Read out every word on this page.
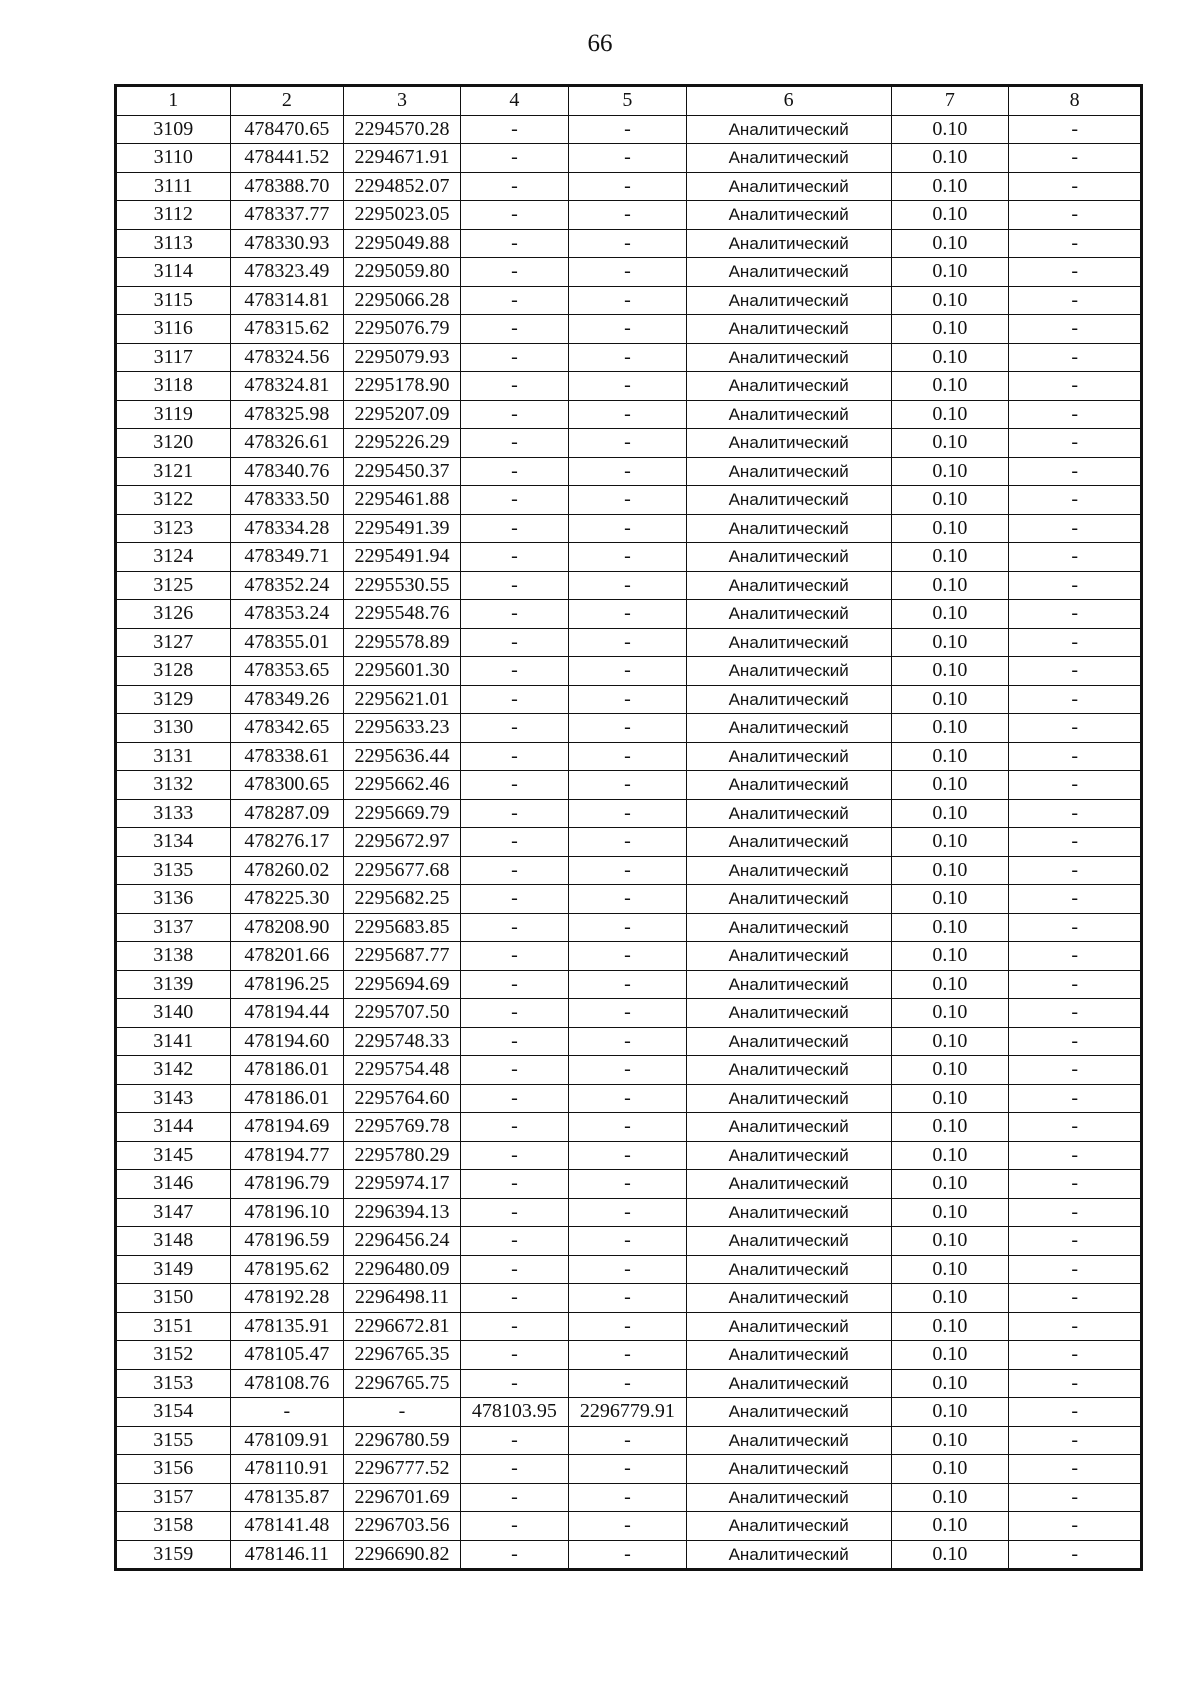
66
1	2	3	4	5	6	7	8
3109	478470.65	2294570.28	-	-	Аналитический	0.10	-
3110	478441.52	2294671.91	-	-	Аналитический	0.10	-
3111	478388.70	2294852.07	-	-	Аналитический	0.10	-
3112	478337.77	2295023.05	-	-	Аналитический	0.10	-
3113	478330.93	2295049.88	-	-	Аналитический	0.10	-
3114	478323.49	2295059.80	-	-	Аналитический	0.10	-
3115	478314.81	2295066.28	-	-	Аналитический	0.10	-
3116	478315.62	2295076.79	-	-	Аналитический	0.10	-
3117	478324.56	2295079.93	-	-	Аналитический	0.10	-
3118	478324.81	2295178.90	-	-	Аналитический	0.10	-
3119	478325.98	2295207.09	-	-	Аналитический	0.10	-
3120	478326.61	2295226.29	-	-	Аналитический	0.10	-
3121	478340.76	2295450.37	-	-	Аналитический	0.10	-
3122	478333.50	2295461.88	-	-	Аналитический	0.10	-
3123	478334.28	2295491.39	-	-	Аналитический	0.10	-
3124	478349.71	2295491.94	-	-	Аналитический	0.10	-
3125	478352.24	2295530.55	-	-	Аналитический	0.10	-
3126	478353.24	2295548.76	-	-	Аналитический	0.10	-
3127	478355.01	2295578.89	-	-	Аналитический	0.10	-
3128	478353.65	2295601.30	-	-	Аналитический	0.10	-
3129	478349.26	2295621.01	-	-	Аналитический	0.10	-
3130	478342.65	2295633.23	-	-	Аналитический	0.10	-
3131	478338.61	2295636.44	-	-	Аналитический	0.10	-
3132	478300.65	2295662.46	-	-	Аналитический	0.10	-
3133	478287.09	2295669.79	-	-	Аналитический	0.10	-
3134	478276.17	2295672.97	-	-	Аналитический	0.10	-
3135	478260.02	2295677.68	-	-	Аналитический	0.10	-
3136	478225.30	2295682.25	-	-	Аналитический	0.10	-
3137	478208.90	2295683.85	-	-	Аналитический	0.10	-
3138	478201.66	2295687.77	-	-	Аналитический	0.10	-
3139	478196.25	2295694.69	-	-	Аналитический	0.10	-
3140	478194.44	2295707.50	-	-	Аналитический	0.10	-
3141	478194.60	2295748.33	-	-	Аналитический	0.10	-
3142	478186.01	2295754.48	-	-	Аналитический	0.10	-
3143	478186.01	2295764.60	-	-	Аналитический	0.10	-
3144	478194.69	2295769.78	-	-	Аналитический	0.10	-
3145	478194.77	2295780.29	-	-	Аналитический	0.10	-
3146	478196.79	2295974.17	-	-	Аналитический	0.10	-
3147	478196.10	2296394.13	-	-	Аналитический	0.10	-
3148	478196.59	2296456.24	-	-	Аналитический	0.10	-
3149	478195.62	2296480.09	-	-	Аналитический	0.10	-
3150	478192.28	2296498.11	-	-	Аналитический	0.10	-
3151	478135.91	2296672.81	-	-	Аналитический	0.10	-
3152	478105.47	2296765.35	-	-	Аналитический	0.10	-
3153	478108.76	2296765.75	-	-	Аналитический	0.10	-
3154	-	-	478103.95	2296779.91	Аналитический	0.10	-
3155	478109.91	2296780.59	-	-	Аналитический	0.10	-
3156	478110.91	2296777.52	-	-	Аналитический	0.10	-
3157	478135.87	2296701.69	-	-	Аналитический	0.10	-
3158	478141.48	2296703.56	-	-	Аналитический	0.10	-
3159	478146.11	2296690.82	-	-	Аналитический	0.10	-
